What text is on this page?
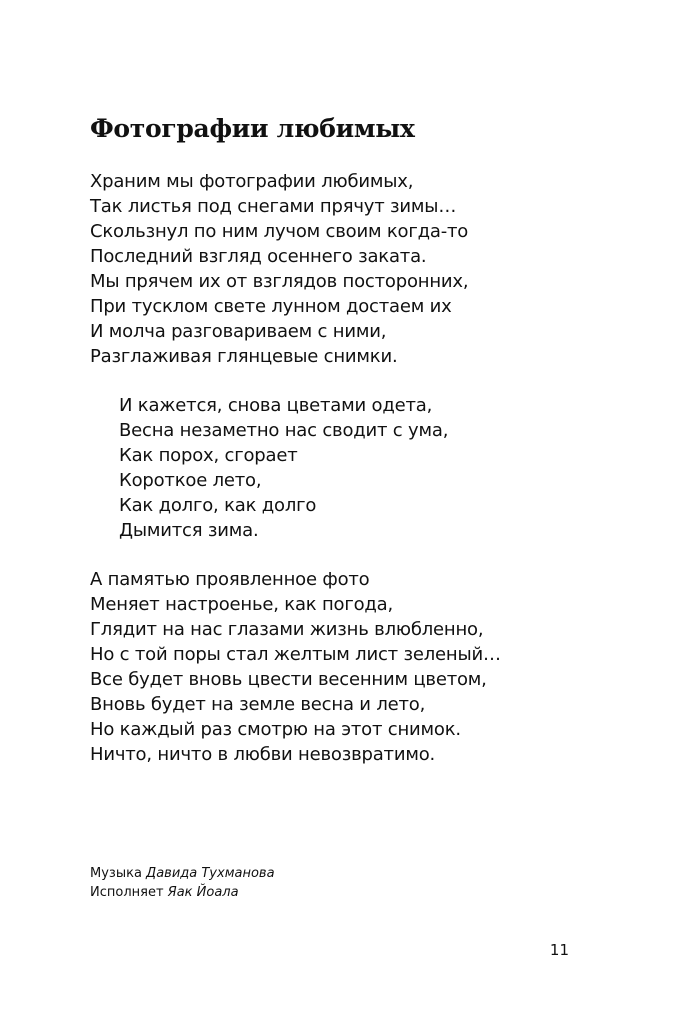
Фотографии любимых
Храним мы фотографии любимых,
Так листья под снегами прячут зимы…
Скользнул по ним лучом своим когда-то
Последний взгляд осеннего заката.
Мы прячем их от взглядов посторонних,
При тусклом свете лунном достаем их
И молча разговариваем с ними,
Разглаживая глянцевые снимки.
И кажется, снова цветами одета,
Весна незаметно нас сводит с ума,
Как порох, сгорает
Короткое лето,
Как долго, как долго
Дымится зима.
А памятью проявленное фото
Меняет настроенье, как погода,
Глядит на нас глазами жизнь влюбленно,
Но с той поры стал желтым лист зеленый…
Все будет вновь цвести весенним цветом,
Вновь будет на земле весна и лето,
Но каждый раз смотрю на этот снимок.
Ничто, ничто в любви невозвратимо.
Музыка Давида Тухманова
Исполняет Яак Йоала
11
